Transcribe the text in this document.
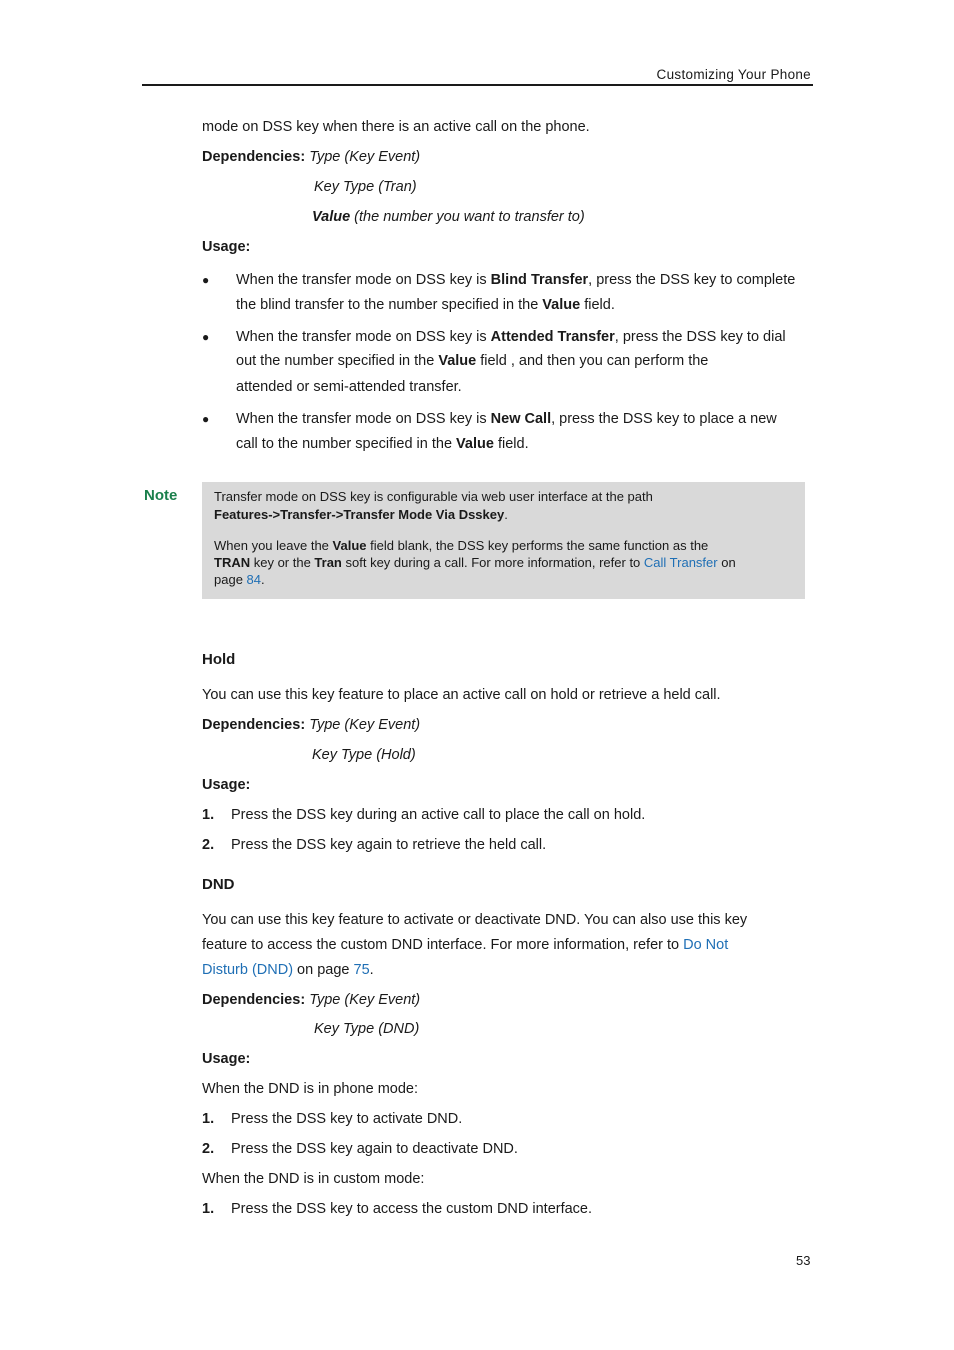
Customizing Your Phone
mode on DSS key when there is an active call on the phone.
Dependencies: Type (Key Event)
Key Type (Tran)
Value (the number you want to transfer to)
Usage:
● When the transfer mode on DSS key is Blind Transfer, press the DSS key to complete
the blind transfer to the number specified in the Value field.
● When the transfer mode on DSS key is Attended Transfer, press the DSS key to dial
out the number specified in the Value field , and then you can perform the
attended or semi-attended transfer.
● When the transfer mode on DSS key is New Call, press the DSS key to place a new
call to the number specified in the Value field.
Note	Transfer mode on DSS key is configurable via web user interface at the path
Features->Transfer->Transfer Mode Via Dsskey.
When you leave the Value field blank, the DSS key performs the same function as the
TRAN key or the Tran soft key during a call. For more information, refer to Call Transfer on
page 84.
Hold
You can use this key feature to place an active call on hold or retrieve a held call.
Dependencies: Type (Key Event)
Key Type (Hold)
Usage:
1. Press the DSS key during an active call to place the call on hold.
2. Press the DSS key again to retrieve the held call.
DND
You can use this key feature to activate or deactivate DND. You can also use this key
feature to access the custom DND interface. For more information, refer to Do Not
Disturb (DND) on page 75.
Dependencies: Type (Key Event)
Key Type (DND)
Usage:
When the DND is in phone mode:
1. Press the DSS key to activate DND.
2. Press the DSS key again to deactivate DND.
When the DND is in custom mode:
1. Press the DSS key to access the custom DND interface.
53
